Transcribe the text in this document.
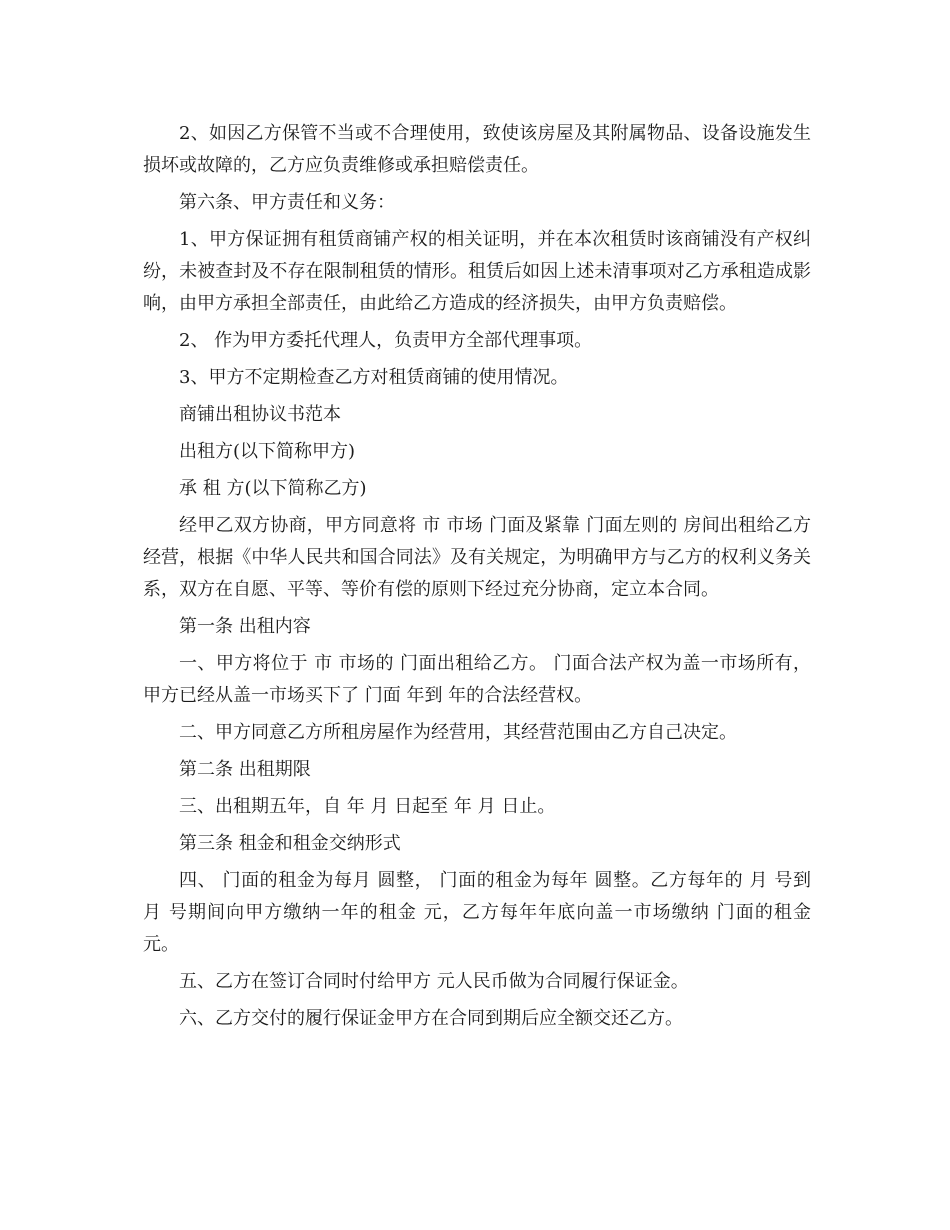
2、如因乙方保管不当或不合理使用，致使该房屋及其附属物品、设备设施发生损坏或故障的，乙方应负责维修或承担赔偿责任。

第六条、甲方责任和义务：

1、甲方保证拥有租赁商铺产权的相关证明，并在本次租赁时该商铺没有产权纠纷，未被查封及不存在限制租赁的情形。租赁后如因上述未清事项对乙方承租造成影响，由甲方承担全部责任，由此给乙方造成的经济损失，由甲方负责赔偿。

2、 作为甲方委托代理人，负责甲方全部代理事项。

3、甲方不定期检查乙方对租赁商铺的使用情况。

商铺出租协议书范本

出租方(以下简称甲方)

承 租 方(以下简称乙方)

经甲乙双方协商，甲方同意将 市 市场 门面及紧靠 门面左则的 房间出租给乙方经营，根据《中华人民共和国合同法》及有关规定，为明确甲方与乙方的权利义务关系，双方在自愿、平等、等价有偿的原则下经过充分协商，定立本合同。

第一条 出租内容

一、甲方将位于 市 市场的 门面出租给乙方。 门面合法产权为盖一市场所有，甲方已经从盖一市场买下了 门面 年到 年的合法经营权。

二、甲方同意乙方所租房屋作为经营用，其经营范围由乙方自己决定。

第二条 出租期限

三、出租期五年，自 年 月 日起至 年 月 日止。

第三条 租金和租金交纳形式

四、 门面的租金为每月 圆整， 门面的租金为每年 圆整。乙方每年的 月 号到 月 号期间向甲方缴纳一年的租金 元，乙方每年年底向盖一市场缴纳 门面的租金 元。

五、乙方在签订合同时付给甲方 元人民币做为合同履行保证金。

六、乙方交付的履行保证金甲方在合同到期后应全额交还乙方。
